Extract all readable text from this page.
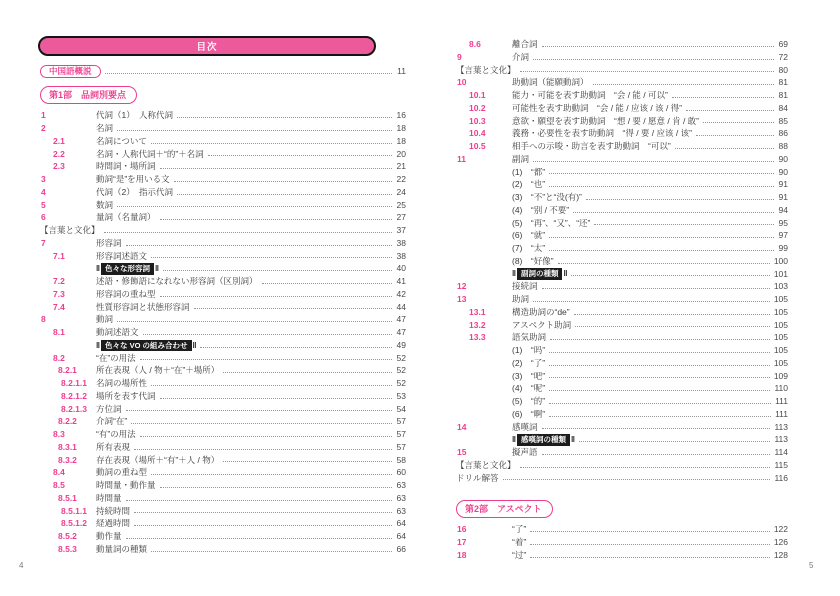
目次
中国語概説	11
第1部　品詞別要点
1	代詞（1）　人称代詞	16
2	名詞	18
2.1	名詞について	18
2.2	名詞・人称代詞＋“的”＋名詞	20
2.3	時間詞・場所詞	21
3	動詞“是”を用いる文	22
4	代詞（2）　指示代詞	24
5	数詞	25
6	量詞（名量詞）	27
【言葉と文化】	37
7	形容詞	38
7.1	形容詞述語文	38
‖ 色々な形容詞 ‖	40
7.2	述語・修飾語になれない形容詞（区別詞）	41
7.3	形容詞の重ね型	42
7.4	性質形容詞と状態形容詞	44
8	動詞	47
8.1	動詞述語文	47
‖ 色々な VO の組み合わせ ‖	49
8.2	“在”の用法	52
8.2.1	所在表現（人 / 物＋“在”＋場所）	52
8.2.1.1	名詞の場所性	52
8.2.1.2	場所を表す代詞	53
8.2.1.3	方位詞	54
8.2.2	介詞“在”	57
8.3	“有”の用法	57
8.3.1	所有表現	57
8.3.2	存在表現（場所＋“有”＋人 / 物）	58
8.4	動詞の重ね型	60
8.5	時間量・動作量	63
8.5.1	時間量	63
8.5.1.1	持続時間	63
8.5.1.2	経過時間	64
8.5.2	動作量	64
8.5.3	動量詞の種類	66
8.6	離合詞	69
9	介詞	72
【言葉と文化】	80
10	助動詞（能願動詞）	81
10.1	能力・可能を表す助動詞　“会 / 能 / 可以”	81
10.2	可能性を表す助動詞　“会 / 能 / 应该 / 该 / 得”	84
10.3	意欲・願望を表す助動詞　“想 / 要 / 愿意 / 肯 / 敢”	85
10.4	義務・必要性を表す助動詞　“得 / 要 / 应该 / 该”	86
10.5	相手への示唆・助言を表す助動詞　“可以”	88
11	副詞	90
(1)　“都”	90
(2)　“也”	91
(3)　“不”と“没(有)”	91
(4)　“别 / 不要”	94
(5)　“再”、“又”、“还”	95
(6)　“就”	97
(7)　“太”	99
(8)　“好像”	100
‖ 副詞の種類 ‖	101
12	接続詞	103
13	助詞	105
13.1	構造助詞の“de”	105
13.2	アスペクト助詞	105
13.3	語気助詞	105
(1)　“吗”	105
(2)　“了”	105
(3)　“吧”	109
(4)　“呢”	110
(5)　“的”	111
(6)　“啊”	111
14	感嘆詞	113
‖ 感嘆詞の種類 ‖	113
15	擬声語	114
【言葉と文化】	115
ドリル解答	116
第2部　アスペクト
16	“了”	122
17	“着”	126
18	“过”	128
4	5
